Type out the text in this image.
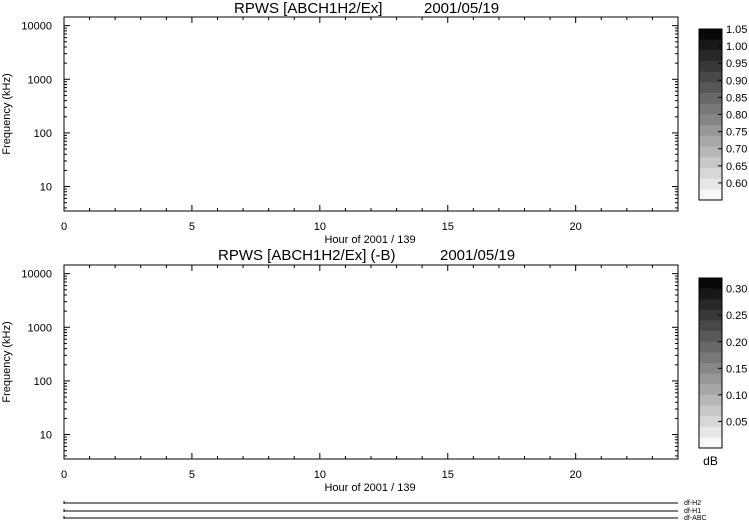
RPWS [ABCH1H2/Ex]	2001/05/19
10
100
1000
10000
0	5	10	15	20
Hour of 2001 / 139
Frequency (kHz)
1.05
1.00
0.95
0.90
0.85
0.80
0.75
0.70
0.65
0.60
RPWS [ABCH1H2/Ex] (-B)	2001/05/19
10
100
1000
10000
0	5	10	15	20
Hour of 2001 / 139
Frequency (kHz)
0.30
0.25
0.20
0.15
0.10
0.05
dB
df-H2
df-H1
df-ABC
